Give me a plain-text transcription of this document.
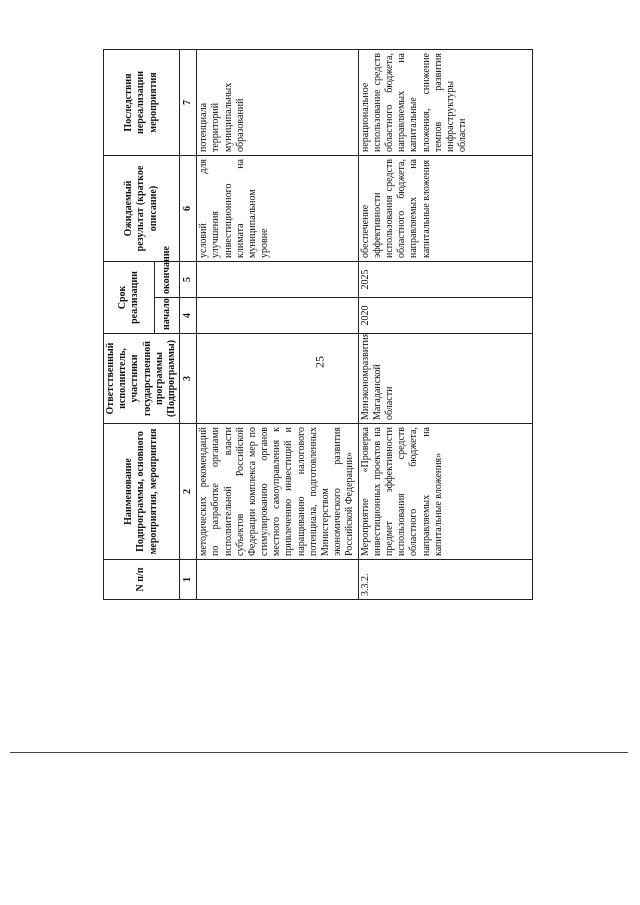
25
N п/п	Наименование Подпрограммы, основного мероприятия, мероприятия	Ответственный исполнитель, участники государственной программы (Подпрограммы)	Срок реализации		Ожидаемый результат (краткое описание)	Последствия нереализации мероприятия
			начало	окончание		
1	2	3	4	5	6	7
	методических рекомендаций по разработке органами исполнительной власти субъектов Российской Федерации комплекса мер по стимулированию органов местного самоуправления к привлечению инвестиций и наращиванию налогового потенциала, подготовленных Министерством экономического развития Российской Федерации»				условий для улучшения инвестиционного климата на муниципальном уровне	потенциала территорий муниципальных образований
3.3.2.	Мероприятие «Проверка инвестиционных проектов на предмет эффективности использования средств областного бюджета, направляемых на капитальные вложения»	Минэкономразвития Магаданской области	2020	2025	обеспечение эффективности использования средств областного бюджета, направляемых на капитальные вложения	нерациональное использование средств областного бюджета, направляемых на капитальные вложения, снижение темпов развития инфраструктуры области
